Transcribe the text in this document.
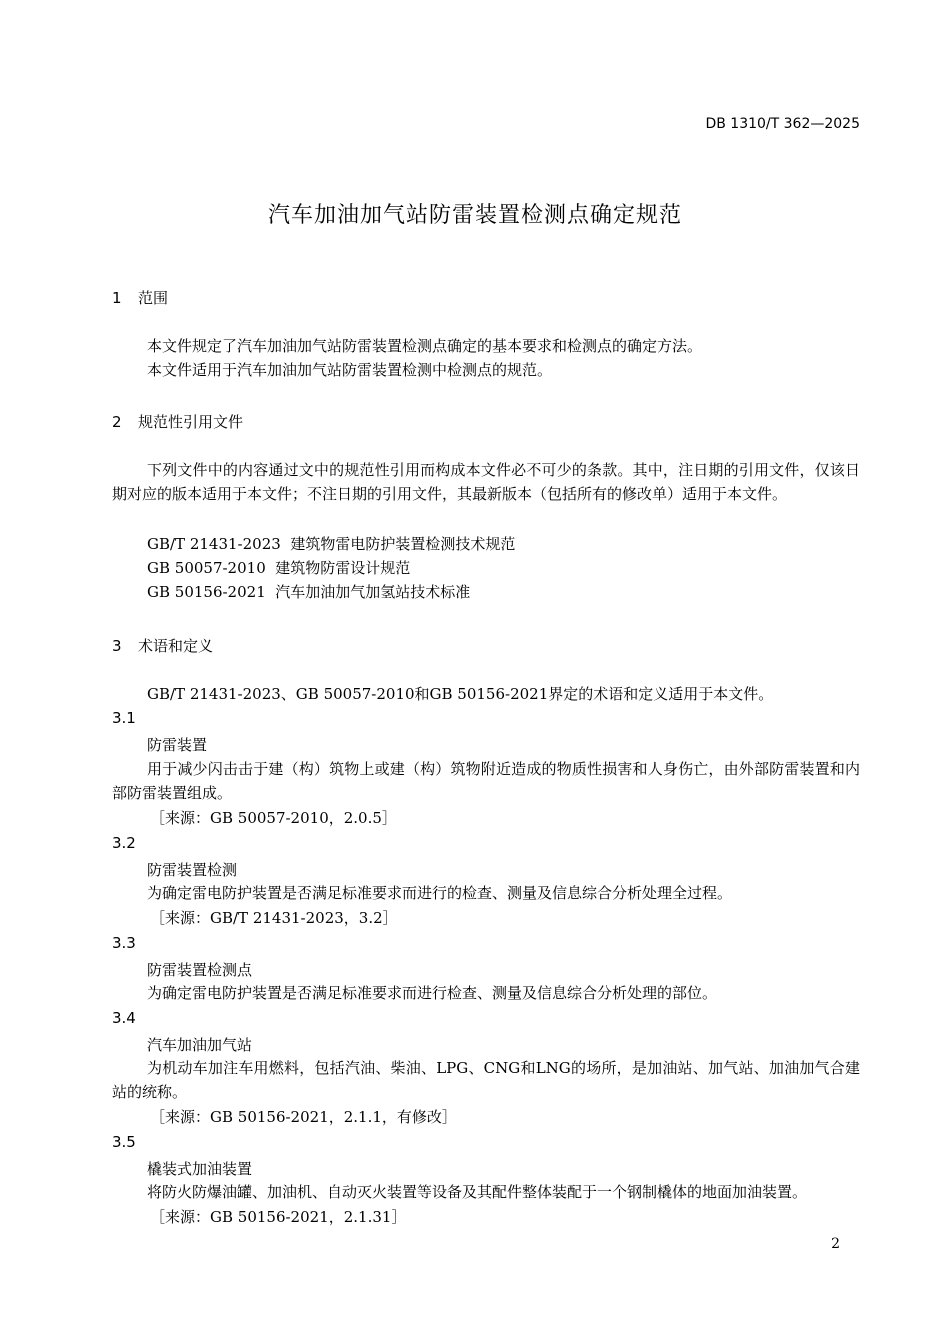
DB 1310/T 362—2025
汽车加油加气站防雷装置检测点确定规范
1 范围
本文件规定了汽车加油加气站防雷装置检测点确定的基本要求和检测点的确定方法。
本文件适用于汽车加油加气站防雷装置检测中检测点的规范。
2 规范性引用文件
下列文件中的内容通过文中的规范性引用而构成本文件必不可少的条款。其中，注日期的引用文件，仅该日期对应的版本适用于本文件；不注日期的引用文件，其最新版本（包括所有的修改单）适用于本文件。
GB/T 21431-2023 建筑物雷电防护装置检测技术规范
GB 50057-2010 建筑物防雷设计规范
GB 50156-2021 汽车加油加气加氢站技术标准
3 术语和定义
GB/T 21431-2023、GB 50057-2010和GB 50156-2021界定的术语和定义适用于本文件。
3.1
防雷装置
用于减少闪击击于建（构）筑物上或建（构）筑物附近造成的物质性损害和人身伤亡，由外部防雷装置和内部防雷装置组成。
［来源：GB 50057-2010，2.0.5］
3.2
防雷装置检测
为确定雷电防护装置是否满足标准要求而进行的检查、测量及信息综合分析处理全过程。
［来源：GB/T 21431-2023，3.2］
3.3
防雷装置检测点
为确定雷电防护装置是否满足标准要求而进行检查、测量及信息综合分析处理的部位。
3.4
汽车加油加气站
为机动车加注车用燃料，包括汽油、柴油、LPG、CNG和LNG的场所，是加油站、加气站、加油加气合建站的统称。
［来源：GB 50156-2021，2.1.1，有修改］
3.5
橇装式加油装置
将防火防爆油罐、加油机、自动灭火装置等设备及其配件整体装配于一个钢制橇体的地面加油装置。
［来源：GB 50156-2021，2.1.31］
2
